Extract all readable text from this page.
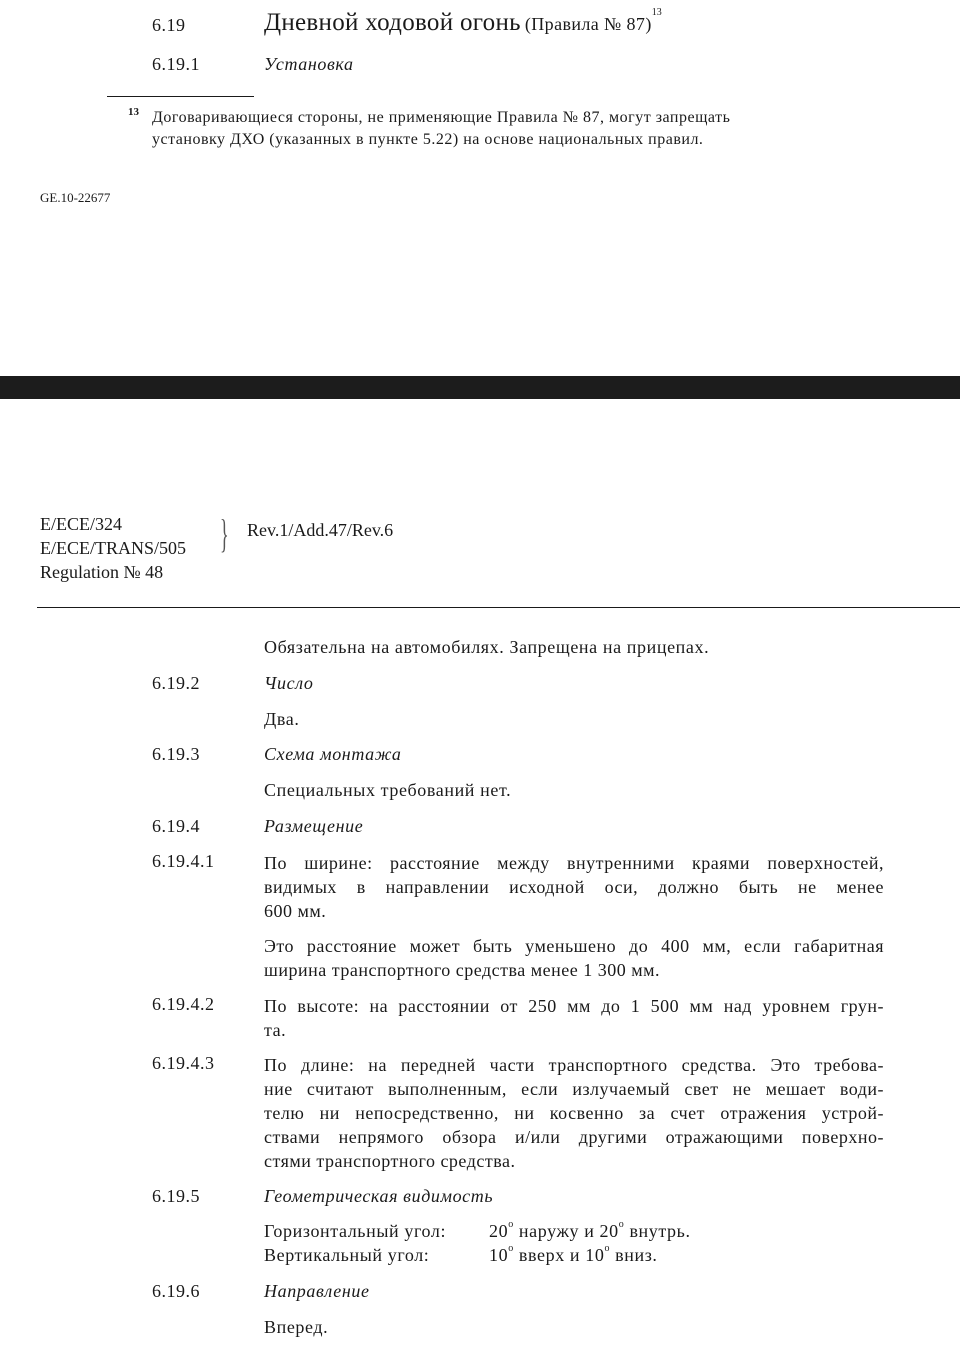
6.19	Дневной ходовой огонь (Правила № 87)$^{13}$
6.19.1	Установка
13 Договаривающиеся стороны, не применяющие Правила № 87, могут запрещать
установку ДХО (указанных в пункте 5.22) на основе национальных правил.
GE.10-22677
E/ECE/324
E/ECE/TRANS/505
Regulation № 48
} Rev.1/Add.47/Rev.6
Обязательна на автомобилях. Запрещена на прицепах.
6.19.2	Число
Два.
6.19.3	Схема монтажа
Специальных требований нет.
6.19.4	Размещение
6.19.4.1	По ширине: расстояние между внутренними краями поверхностей,
видимых в направлении исходной оси, должно быть не менее
600 мм.
Это расстояние может быть уменьшено до 400 мм, если габаритная
ширина транспортного средства менее 1 300 мм.
6.19.4.2	По высоте: на расстоянии от 250 мм до 1 500 мм над уровнем грун-
та.
6.19.4.3	По длине: на передней части транспортного средства. Это требова-
ние считают выполненным, если излучаемый свет не мешает води-
телю ни непосредственно, ни косвенно за счет отражения устрой-
ствами непрямого обзора и/или другими отражающими поверхно-
стями транспортного средства.
6.19.5	Геометрическая видимость
Горизонтальный угол: 20$^o$ наружу и 20$^o$ внутрь.
Вертикальный угол:	10$^o$ вверх и 10$^o$ вниз.
6.19.6	Направление
Вперед.
